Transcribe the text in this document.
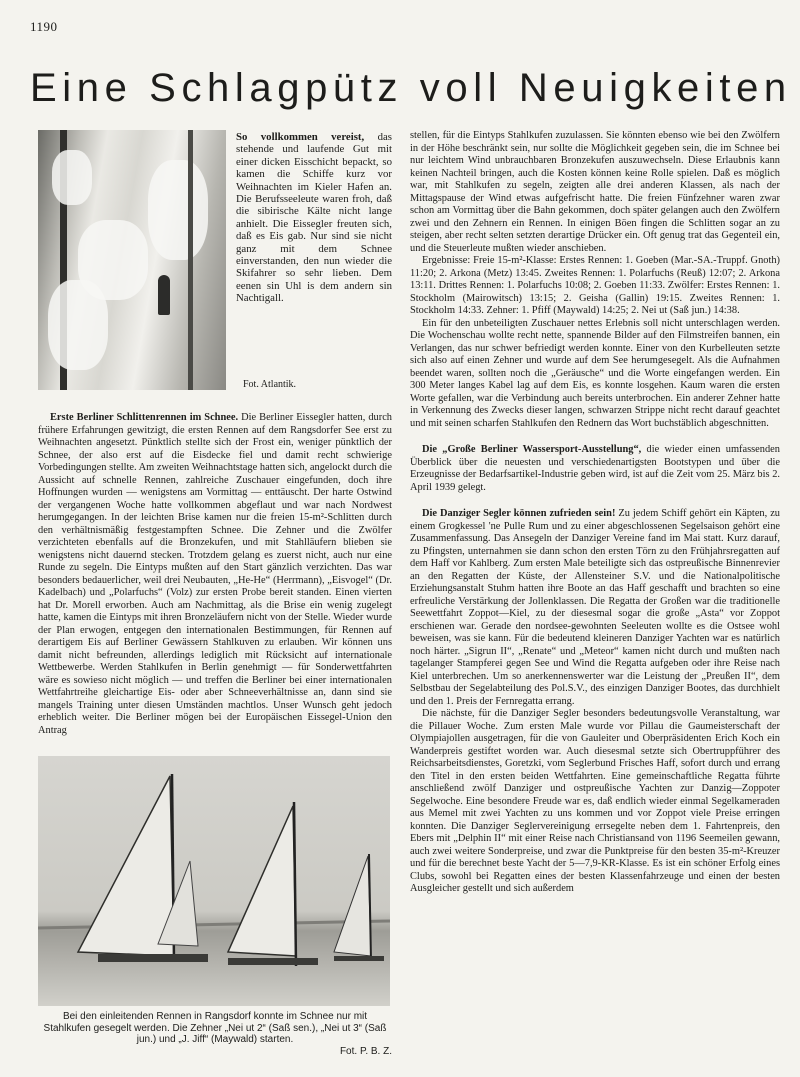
1190
Eine Schlagpütz voll Neuigkeiten

So vollkommen vereist, das stehende und laufende Gut mit einer dicken Eisschicht bepackt, so kamen die Schiffe kurz vor Weihnachten im Kieler Hafen an. Die Berufsseeleute waren froh, daß die sibirische Kälte nicht lange anhielt. Die Eissegler freuten sich, daß es Eis gab. Nur sind sie nicht ganz mit dem Schnee einverstanden, den nun wieder die Skifahrer so sehr lieben. Dem eenen sin Uhl is dem andern sin Nachtigall.

Fot. Atlantik.

Erste Berliner Schlittenrennen im Schnee. Die Berliner Eissegler hatten, durch frühere Erfahrungen gewitzigt, die ersten Rennen auf dem Rangsdorfer See erst zu Weihnachten angesetzt. Pünktlich stellte sich der Frost ein, weniger pünktlich der Schnee, der also erst auf die Eisdecke fiel und damit recht schwierige Vorbedingungen stellte. Am zweiten Weihnachtstage hatten sich, angelockt durch die Aussicht auf schnelle Rennen, zahlreiche Zuschauer eingefunden, doch ihre Hoffnungen wurden — wenigstens am Vormittag — enttäuscht. Der harte Ostwind der vergangenen Woche hatte vollkommen abgeflaut und war nach Nordwest herumgegangen. In der leichten Brise kamen nur die freien 15-m²-Schlitten durch den verhältnismäßig festgestampften Schnee. Die Zehner und die Zwölfer verzichteten ebenfalls auf die Bronzekufen, und mit Stahlläufern blieben sie wenigstens nicht dauernd stecken. Trotzdem gelang es zuerst nicht, auch nur eine Runde zu segeln. Die Eintyps mußten auf den Start gänzlich verzichten. Das war besonders bedauerlicher, weil drei Neubauten, „He-He“ (Herrmann), „Eisvogel“ (Dr. Kadelbach) und „Polarfuchs“ (Volz) zur ersten Probe bereit standen. Einen vierten hat Dr. Morell erworben. Auch am Nachmittag, als die Brise ein wenig zugelegt hatte, kamen die Eintyps mit ihren Bronzeläufern nicht von der Stelle. Wieder wurde der Plan erwogen, entgegen den internationalen Bestimmungen, für Rennen auf derartigem Eis auf Berliner Gewässern Stahlkuven zu erlauben. Wir können uns damit nicht befreunden, allerdings lediglich mit Rücksicht auf internationale Wettbewerbe. Werden Stahlkufen in Berlin genehmigt — für Sonderwettfahrten wäre es sowieso nicht möglich — und treffen die Berliner bei einer internationalen Wettfahrtreihe gleichartige Eis- oder aber Schneeverhältnisse an, dann sind sie mangels Training unter diesen Umständen machtlos. Unser Wunsch geht jedoch erheblich weiter. Die Berliner mögen bei der Europäischen Eissegel-Union den Antrag

Bei den einleitenden Rennen in Rangsdorf konnte im Schnee nur mit Stahlkufen gesegelt werden. Die Zehner „Nei ut 2“ (Saß sen.), „Nei ut 3“ (Saß jun.) und „J. Jiff“ (Maywald) starten.
Fot. P. B. Z.

stellen, für die Eintyps Stahlkufen zuzulassen. Sie könnten ebenso wie bei den Zwölfern in der Höhe beschränkt sein, nur sollte die Möglichkeit gegeben sein, die im Schnee bei nur leichtem Wind unbrauchbaren Bronzekufen auszuwechseln. Diese Erlaubnis kann keinen Nachteil bringen, auch die Kosten können keine Rolle spielen. Daß es möglich war, mit Stahlkufen zu segeln, zeigten alle drei anderen Klassen, als nach der Mittagspause der Wind etwas aufgefrischt hatte. Die freien Fünfzehner waren zwar schon am Vormittag über die Bahn gekommen, doch später gelangen auch den Zwölfern zwei und den Zehnern ein Rennen. In einigen Böen fingen die Schlitten sogar an zu steigen, aber recht selten setzten derartige Drücker ein. Oft genug trat das Gegenteil ein, und die Steuerleute mußten wieder anschieben.

Ergebnisse: Freie 15-m²-Klasse: Erstes Rennen: 1. Goeben (Mar.-SA.-Truppf. Gnoth) 11:20; 2. Arkona (Metz) 13:45. Zweites Rennen: 1. Polarfuchs (Reuß) 12:07; 2. Arkona 13:11. Drittes Rennen: 1. Polarfuchs 10:08; 2. Goeben 11:33. Zwölfer: Erstes Rennen: 1. Stockholm (Mairowitsch) 13:15; 2. Geisha (Gallin) 19:15. Zweites Rennen: 1. Stockholm 14:33. Zehner: 1. Pfiff (Maywald) 14:25; 2. Nei ut (Saß jun.) 14:38.

Ein für den unbeteiligten Zuschauer nettes Erlebnis soll nicht unterschlagen werden. Die Wochenschau wollte recht nette, spannende Bilder auf den Filmstreifen bannen, ein Verlangen, das nur schwer befriedigt werden konnte. Einer von den Kurbelleuten setzte sich also auf einen Zehner und wurde auf dem See herumgesegelt. Als die Aufnahmen beendet waren, sollten noch die „Geräusche“ und die Worte eingefangen werden. Ein 300 Meter langes Kabel lag auf dem Eis, es konnte losgehen. Kaum waren die ersten Worte gefallen, war die Verbindung auch bereits unterbrochen. Ein anderer Zehner hatte in Verkennung des Zwecks dieser langen, schwarzen Strippe nicht recht darauf geachtet und mit seinen scharfen Stahlkufen den Rednern das Wort buchstäblich abgeschnitten.

Die „Große Berliner Wassersport-Ausstellung“, die wieder einen umfassenden Überblick über die neuesten und verschiedenartigsten Bootstypen und über die Erzeugnisse der Bedarfsartikel-Industrie geben wird, ist auf die Zeit vom 25. März bis 2. April 1939 gelegt.

Die Danziger Segler können zufrieden sein! Zu jedem Schiff gehört ein Käpten, zu einem Grogkessel 'ne Pulle Rum und zu einer abgeschlossenen Segelsaison gehört eine Zusammenfassung. Das Ansegeln der Danziger Vereine fand im Mai statt. Kurz darauf, zu Pfingsten, unternahmen sie dann schon den ersten Törn zu den Frühjahrsregatten auf dem Haff vor Kahlberg. Zum ersten Male beteiligte sich das ostpreußische Binnenrevier an den Regatten der Küste, der Allensteiner S.V. und die Nationalpolitische Erziehungsanstalt Stuhm hatten ihre Boote an das Haff geschafft und brachten so eine erfreuliche Verstärkung der Jollenklassen. Die Regatta der Großen war die traditionelle Seewettfahrt Zoppot—Kiel, zu der diesesmal sogar die große „Asta“ vor Zoppot erschienen war. Gerade den nordsee-gewohnten Seeleuten wollte es die Ostsee wohl beweisen, was sie kann. Für die bedeutend kleineren Danziger Yachten war es natürlich noch härter. „Sigrun II“, „Renate“ und „Meteor“ kamen nicht durch und mußten nach tagelanger Stampferei gegen See und Wind die Regatta aufgeben oder ihre Reise nach Kiel unterbrechen. Um so anerkennenswerter war die Leistung der „Preußen II“, dem Selbstbau der Segelabteilung des Pol.S.V., des einzigen Danziger Bootes, das durchhielt und den 1. Preis der Fernregatta errang.

Die nächste, für die Danziger Segler besonders bedeutungsvolle Veranstaltung, war die Pillauer Woche. Zum ersten Male wurde vor Pillau die Gaumeisterschaft der Olympiajollen ausgetragen, für die von Gauleiter und Oberpräsidenten Erich Koch ein Wanderpreis gestiftet worden war. Auch diesesmal setzte sich Obertruppführer des Reichsarbeitsdienstes, Goretzki, vom Seglerbund Frisches Haff, sofort durch und errang den Titel in den ersten beiden Wettfahrten. Eine gemeinschaftliche Regatta führte anschließend zwölf Danziger und ostpreußische Yachten zur Danzig—Zoppoter Segelwoche. Eine besondere Freude war es, daß endlich wieder einmal Segelkameraden aus Memel mit zwei Yachten zu uns kommen und vor Zoppot viele Preise erringen konnten. Die Danziger Seglervereinigung errsegelte neben dem 1. Fahrtenpreis, den Ebers mit „Delphin II“ mit einer Reise nach Christiansand von 1196 Seemeilen gewann, auch zwei weitere Sonderpreise, und zwar die Punktpreise für den besten 35-m²-Kreuzer und für die berechnet beste Yacht der 5—7,9-KR-Klasse. Es ist ein schöner Erfolg eines Clubs, sowohl bei Regatten eines der besten Klassenfahrzeuge und einen der besten Ausgleicher gestellt und sich außerdem
